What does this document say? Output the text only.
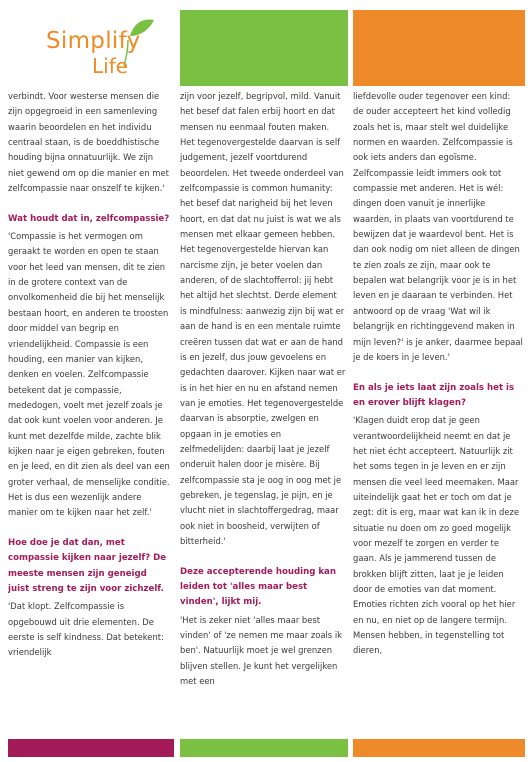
Simplify
Life

verbindt. Voor westerse mensen die zijn opgegroeid in een samenleving waarin beoordelen en het individu centraal staan, is de boeddhistische houding bijna onnatuurlijk. We zijn niet gewend om op die manier en met zelfcompassie naar onszelf te kijken.'

Wat houdt dat in, zelfcompassie?

'Compassie is het vermogen om geraakt te worden en open te staan voor het leed van mensen, dit te zien in de grotere context van de onvolkomenheid die bij het menselijk bestaan hoort, en anderen te troosten door middel van begrip en vriendelijkheid. Compassie is een houding, een manier van kijken, denken en voelen. Zelfcompassie betekent dat je compassie, mededogen, voelt met jezelf zoals je dat ook kunt voelen voor anderen. Je kunt met dezelfde milde, zachte blik kijken naar je eigen gebreken, fouten en je leed, en dit zien als deel van een groter verhaal, de menselijke conditie. Het is dus een wezenlijk andere manier om te kijken naar het zelf.'

Hoe doe je dat dan, met compassie kijken naar jezelf? De meeste mensen zijn geneigd juist streng te zijn voor zichzelf.

'Dat klopt. Zelfcompassie is opgebouwd uit drie elementen. De eerste is self kindness. Dat betekent: vriendelijk

zijn voor jezelf, begripvol, mild. Vanuit het besef dat falen erbij hoort en dat mensen nu eenmaal fouten maken. Het tegenovergestelde daarvan is self judgement, jezelf voortdurend beoordelen. Het tweede onderdeel van zelfcompassie is common humanity: het besef dat narigheid bij het leven hoort, en dat dat nu juist is wat we als mensen met elkaar gemeen hebben. Het tegenovergestelde hiervan kan narcisme zijn, je beter voelen dan anderen, of de slachtofferrol: jij hebt het altijd het slechtst. Derde element is mindfulness: aanwezig zijn bij wat er aan de hand is en een mentale ruimte creëren tussen dat wat er aan de hand is en jezelf, dus jouw gevoelens en gedachten daarover. Kijken naar wat er is in het hier en nu en afstand nemen van je emoties. Het tegenovergestelde daarvan is absorptie, zwelgen en opgaan in je emoties en zelfmedelijden: daarbij laat je jezelf onderuit halen door je misère. Bij zelfcompassie sta je oog in oog met je gebreken, je tegenslag, je pijn, en je vlucht niet in slachtoffergedrag, maar ook niet in boosheid, verwijten of bitterheid.'

Deze accepterende houding kan leiden tot 'alles maar best vinden', lijkt mij.

'Het is zeker niet 'alles maar best vinden' of 'ze nemen me maar zoals ik ben'. Natuurlijk moet je wel grenzen blijven stellen. Je kunt het vergelijken met een

liefdevolle ouder tegenover een kind: de ouder accepteert het kind volledig zoals het is, maar stelt wel duidelijke normen en waarden. Zelfcompassie is ook iets anders dan egoïsme. Zelfcompassie leidt immers ook tot compassie met anderen. Het is wél: dingen doen vanuit je innerlijke waarden, in plaats van voortdurend te bewijzen dat je waardevol bent. Het is dan ook nodig om niet alleen de dingen te zien zoals ze zijn, maar ook te bepalen wat belangrijk voor je is in het leven en je daaraan te verbinden. Het antwoord op de vraag 'Wat wil ik belangrijk en richtinggevend maken in mijn leven?' is je anker, daarmee bepaal je de koers in je leven.'

En als je iets laat zijn zoals het is en erover blijft klagen?

'Klagen duidt erop dat je geen verantwoordelijkheid neemt en dat je het niet écht accepteert. Natuurlijk zit het soms tegen in je leven en er zijn mensen die veel leed meemaken. Maar uiteindelijk gaat het er toch om dat je zegt: dit is erg, maar wat kan ik in deze situatie nu doen om zo goed mogelijk voor mezelf te zorgen en verder te gaan. Als je jammerend tussen de brokken blijft zitten, laat je je leiden door de emoties van dat moment. Emoties richten zich vooral op het hier en nu, en niet op de langere termijn. Mensen hebben, in tegenstelling tot dieren,
